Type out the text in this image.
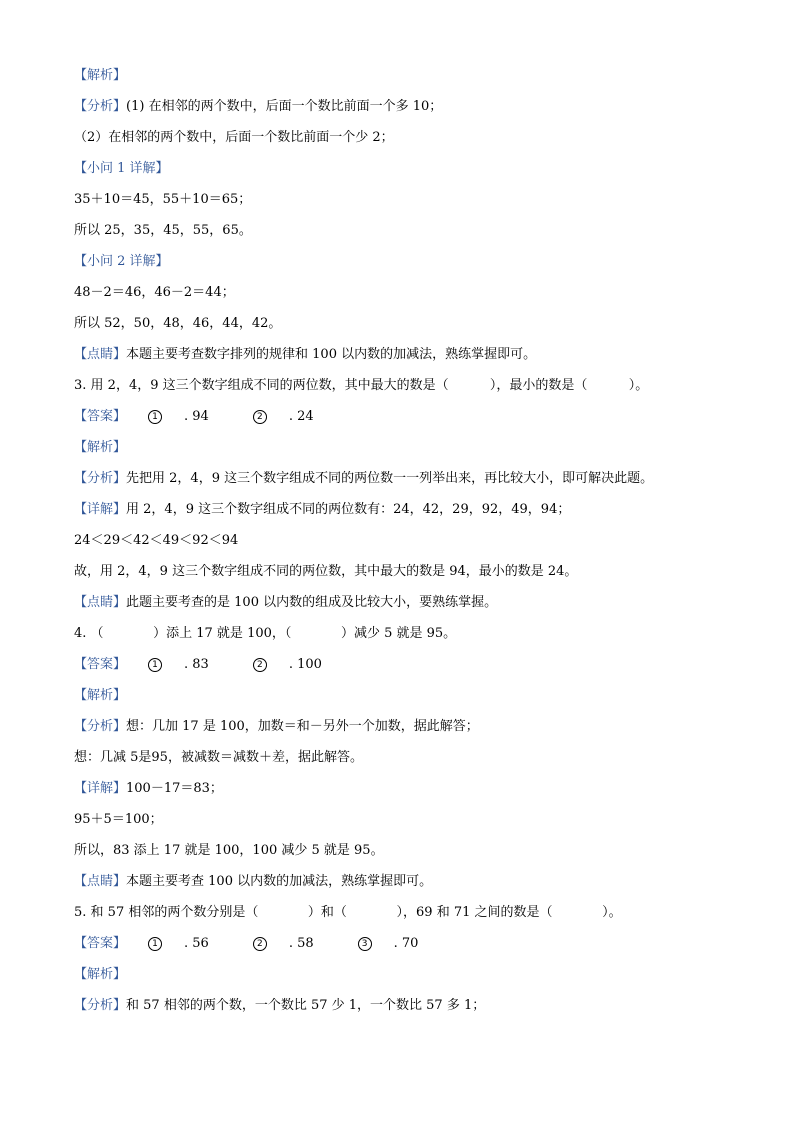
【解析】
【分析】(1) 在相邻的两个数中，后面一个数比前面一个多 10；
（2）在相邻的两个数中，后面一个数比前面一个少 2；
【小问 1 详解】
35＋10＝45，55＋10＝65；
所以 25，35，45，55，65。
【小问 2 详解】
48－2＝46，46－2＝44；
所以 52，50，48，46，44，42。
【点睛】本题主要考查数字排列的规律和 100 以内数的加减法，熟练掌握即可。
3. 用 2，4，9 这三个数字组成不同的两位数，其中最大的数是（          ），最小的数是（          ）。
【答案】	1 . 94	2 . 24
【解析】
【分析】先把用 2，4，9 这三个数字组成不同的两位数一一列举出来，再比较大小，即可解决此题。
【详解】用 2，4，9 这三个数字组成不同的两位数有：24，42，29，92，49，94；
24＜29＜42＜49＜92＜94
故，用 2，4，9 这三个数字组成不同的两位数，其中最大的数是 94，最小的数是 24。
【点睛】此题主要考查的是 100 以内数的组成及比较大小，要熟练掌握。
4. （            ）添上 17 就是 100，（            ）减少 5 就是 95。
【答案】	1 . 83	2 . 100
【解析】
【分析】想：几加 17 是 100，加数＝和－另外一个加数，据此解答；
想：几减 5是95，被减数＝减数＋差，据此解答。
【详解】100－17＝83；
95＋5＝100；
所以，83 添上 17 就是 100，100 减少 5 就是 95。
【点睛】本题主要考查 100 以内数的加减法，熟练掌握即可。
5. 和 57 相邻的两个数分别是（            ）和（            ），69 和 71 之间的数是（            ）。
【答案】	1 . 56	2 . 58	3 . 70
【解析】
【分析】和 57 相邻的两个数，一个数比 57 少 1，一个数比 57 多 1；
